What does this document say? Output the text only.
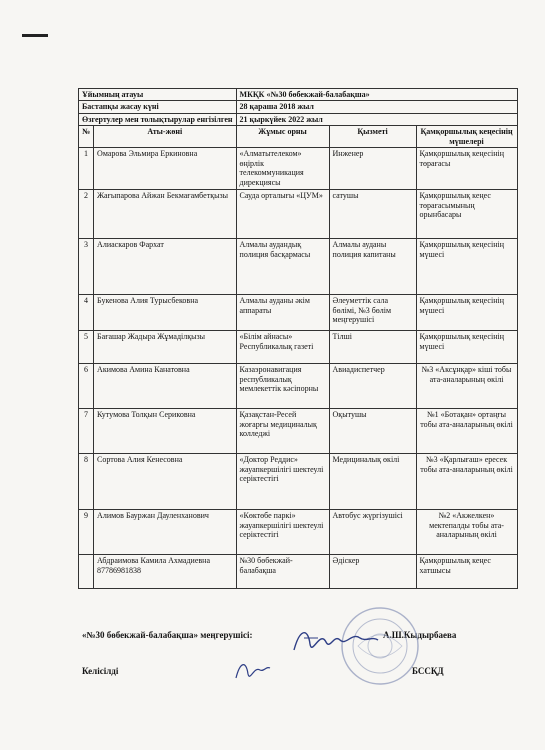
Ұйымның атауы		МКҚК «№30 бөбекжай-балабақша»		
Бастапқы жасау күні		28 қараша 2018 жыл		
Өзгертулер мен толықтырулар енгізілген		21 қыркүйек 2022 жыл		
№	Аты-жөні	Жұмыс орны	Қызметі	Қамқоршылық кеңесінің мүшелері
1	Омарова Эльмира Еркиновна	«Алматытелеком» өңірлік телекоммуникация дирекциясы	Инженер	Қамқоршылық кеңесінің төрағасы
2	Жағыпарова Айжан Бекмағамбетқызы	Сауда орталығы «ЦУМ»	сатушы	Қамқоршылық кеңес төрағасымының орынбасары
3	Алиаскаров Фархат	Алмалы аудандық полиция басқармасы	Алмалы ауданы полиция капитаны	Қамқоршылық кеңесінің мүшесі
4	Букенова Алия Турысбековна	Алмалы ауданы әкім аппараты	Әлеуметтік сала бөлімі, №3 бөлім меңгерушісі	Қамқоршылық кеңесінің мүшесі
5	Бағашар Жадыра Жұмаділқызы	«Білім айнасы» Республикалық газеті	Тілші	Қамқоршылық кеңесінің мүшесі
6	Акимова Амина Канатовна	Казаэронавигация республикалық мемлекеттік кәсіпорны	Авиадиспетчер	№3 «Аксұнқар» кіші тобы ата-аналарының өкілі
7	Кутумова Толқын Сериковна	Қазақстан-Ресей жоғарғы медициналық колледжі	Оқытушы	№1 «Ботақан» ортаңғы тобы ата-аналарының өкілі
8	Сортова Алия Кенесовна	«Доктор Реддис» жауапкершілігі шектеулі серіктестігі	Медициналық өкілі	№3 «Қарлығаш» ересек тобы ата-аналарының өкілі
9	Алимов Бауржан Дауленханович	«Көктөбе паркі» жауапкершілігі шектеулі серіктестігі	Автобус жүргізушісі	№2 «Акжелкен» мектепалды тобы ата-аналарының өкілі
	Абдраимова Камила Ахмадиевна 87786981838	№30 бөбекжай-балабақша	Әдіскер	Қамқоршылық кеңес хатшысы
«№30 бөбекжай-балабақша» меңгерушісі:	А.Ш.Кыдырбаева
Келісілді	БССҚД
